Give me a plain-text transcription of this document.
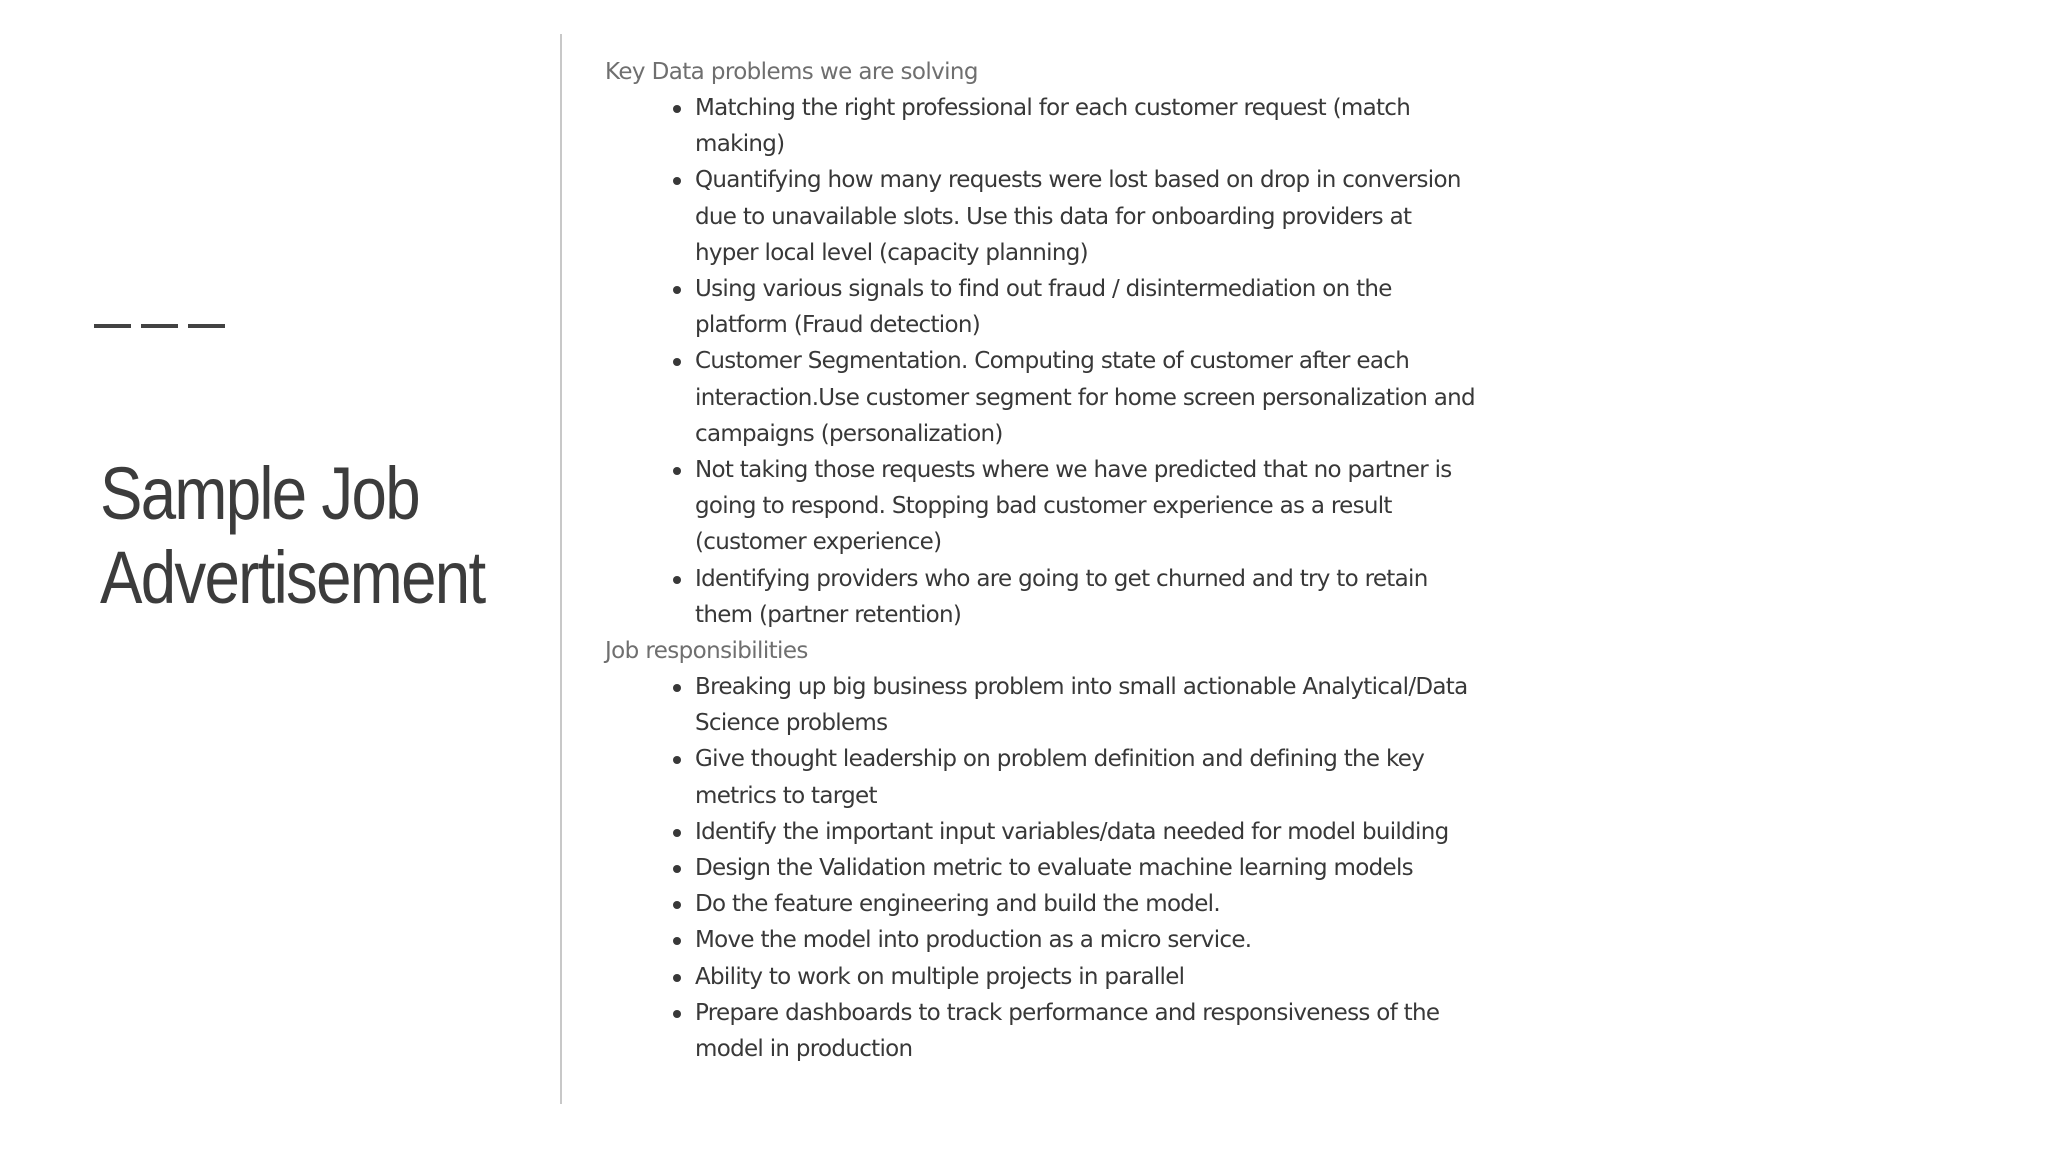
Sample Job Advertisement
Key Data problems we are solving
Matching the right professional for each customer request (match making)
Quantifying how many requests were lost based on drop in conversion due to unavailable slots. Use this data for onboarding providers at hyper local level (capacity planning)
Using various signals to find out fraud / disintermediation on the platform (Fraud detection)
Customer Segmentation. Computing state of customer after each interaction.Use customer segment for home screen personalization and campaigns (personalization)
Not taking those requests where we have predicted that no partner is going to respond. Stopping bad customer experience as a result (customer experience)
Identifying providers who are going to get churned and try to retain them (partner retention)
Job responsibilities
Breaking up big business problem into small actionable Analytical/Data Science problems
Give thought leadership on problem definition and defining the key metrics to target
Identify the important input variables/data needed for model building
Design the Validation metric to evaluate machine learning models
Do the feature engineering and build the model.
Move the model into production as a micro service.
Ability to work on multiple projects in parallel
Prepare dashboards to track performance and responsiveness of the model in production
